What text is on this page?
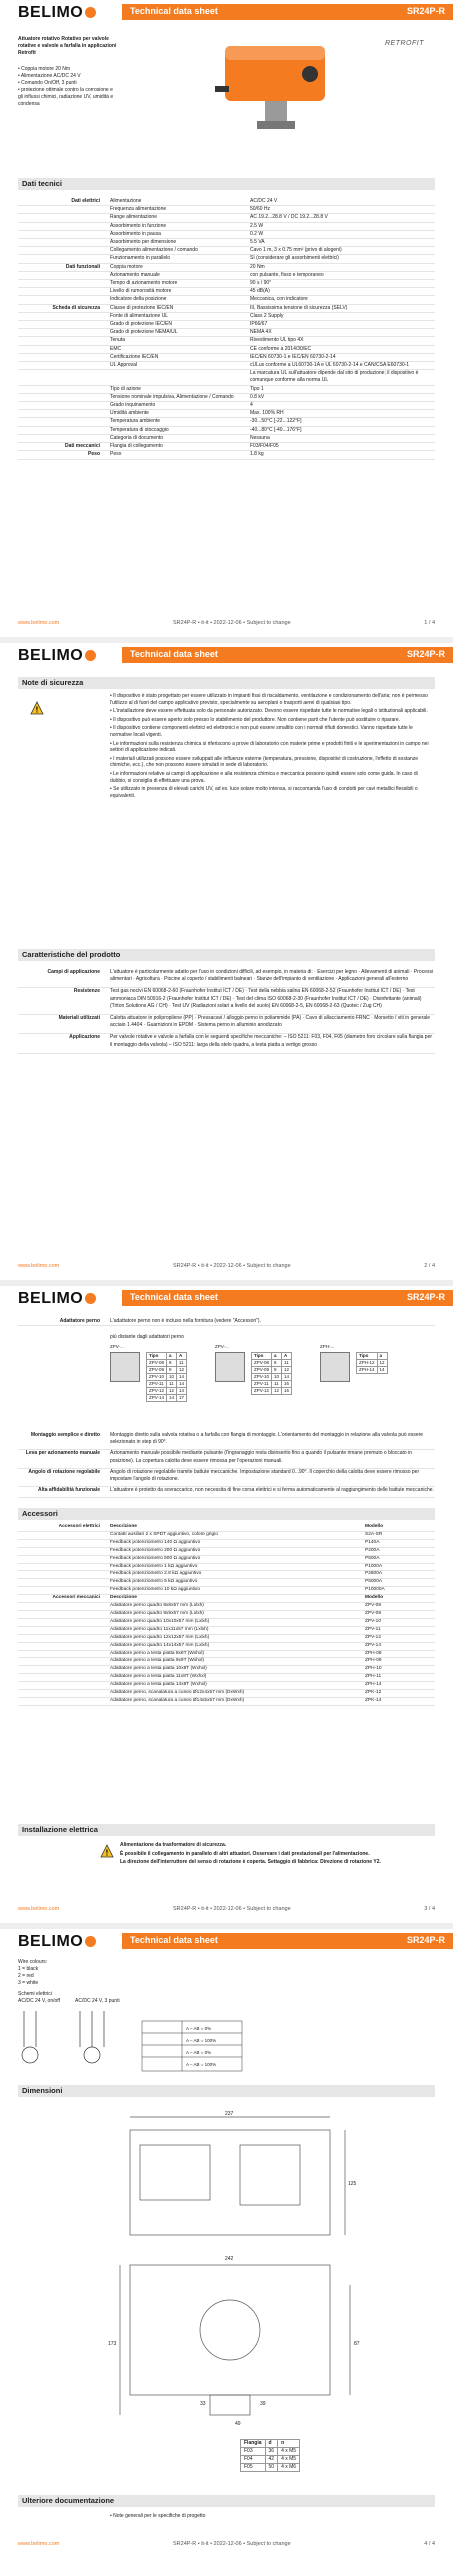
BELIMO	Technical data sheet	SR24P-R
Attuatore rotativo Rotativo per valvole
rotative e valvole a farfalla in applicazioni
Retrofit
• Coppia motore 20 Nm
• Alimentazione AC/DC 24 V
• Comando On/Off, 3 punti
• protezione ottimale contro la corrosione e
gli influssi chimici, radiazione UV, umidità e
condensa
RETROFIT
Dati tecnici
Dati elettrici	Alimentazione	AC/DC 24 V
Frequenza alimentazione	50/60 Hz
Range alimentazione	AC 19.2...28.8 V / DC 19.2...28.8 V
Assorbimento in funzione	2.5 W
Assorbimento in pausa	0.2 W
Assorbimento per dimensione	5.5 VA
Collegamento alimentazione / comando	Cavo 1 m, 3 x 0.75 mm² (privo di alogeni)
Funzionamento in parallelo	Sì (considerare gli assorbimenti elettrici)
Dati funzionali	Coppia motore	20 Nm
Azionamento manuale	con pulsante, fisso e temporaneo
Tempo di azionamento motore	90 s / 90°
Livello di rumorosità motore	45 dB(A)
Indicatore della posizione	Meccanica, con indicatore
Scheda di sicurezza	Classe di protezione IEC/EN	III, Bassissima tensione di sicurezza (SELV)
Fonte di alimentazione UL	Class 2 Supply
Grado di protezione IEC/EN	IP66/67
Grado di protezione NEMA/UL	NEMA 4X
Tenuta	Rivestimento UL tipo 4X
EMC	CE conforme a 2014/30/EC
Certificazione IEC/EN	IEC/EN 60730-1 e IEC/EN 60730-2-14
UL Approval	cULus conforme a UL60730-1A e UL 60730-2-14 e CAN/CSA E60730-1
La marcatura UL sull'attuatore dipende dal sito di produzione; il dispositivo è comunque conforme alla norma UL
Tipo di azione	Tipo 1
Tensione nominale impulsiva, Alimentazione / Comando	0.8 kV
Grado inquinamento	4
Umidità ambiente	Max. 100% RH
Temperatura ambiente	-30...50°C [-22...122°F]
Temperatura di stoccaggio	-40...80°C [-40...176°F]
Categoria di documento	Nessuna
Dati meccanici	Flangia di collegamento	F03/F04/F05
Peso	Peso	1.8 kg
www.belimo.com	SR24P-R • it-it • 2022-12-06 • Subject to change	1 / 4
BELIMO	Technical data sheet	SR24P-R
Note di sicurezza
!
• Il dispositivo è stato progettato per essere utilizzato in impianti fissi di riscaldamento, ventilazione e condizionamento dell'aria; non è permesso l'utilizzo al di fuori del campo applicativo previsto, specialmente su aeroplani o trasporti aerei di qualsiasi tipo.
• L'installazione deve essere effettuata solo da personale autorizzato. Devono essere rispettate tutte le normative legali o istituzionali applicabili.
• Il dispositivo può essere aperto solo presso lo stabilimento del produttore. Non contiene parti che l'utente può sostituire o riparare.
• Il dispositivo contiene componenti elettrici ed elettronici e non può essere smaltito con i normali rifiuti domestici. Vanno rispettate tutte le normative locali vigenti.
• Le informazioni sulla resistenza chimica si riferiscono a prove di laboratorio con materie prime e prodotti finiti e le sperimentazioni in campo nei settori di applicazione indicati.
• I materiali utilizzati possono essere sviluppati alle influenze esterne (temperatura, pressione, dispositivi di costruzione, l'effetto di sostanze chimiche, ecc.), che non possono essere simulati in sede di laboratorio.
• Le informazioni relative ai campi di applicazione e alla resistenza chimica e meccanica possono quindi essere solo come guida. In caso di dubbio, si consiglia di effettuare una prova.
• Se utilizzato in presenza di elevati carichi UV, ad es. luce solare molto intensa, si raccomanda l'uso di condotti per cavi metallici flessibili o equivalenti.
Caratteristiche del prodotto
Campi di applicazione	L'attuatore è particolarmente adatto per l'uso in condizioni difficili, ad esempio, in materia di: · Esercizi per legno · Allevamenti di animali · Processi alimentari · Agricoltura · Piscine al coperto / stabilimenti balneari · Stanze dell'impianto di ventilazione · Applicazioni generali all'esterno
Resistenze	Test gas nocivi EN 60068-2-60 (Fraunhofer Institut ICT / DE) · Test della nebbia salina EN 60068-2-52 (Fraunhofer Institut ICT / DE) · Test ammoniaca DIN 50916-2 (Fraunhofer Institut ICT / DE) · Test del clima ISO 60068-2-30 (Fraunhofer Institut ICT / DE) · Disinfettante (animali) (Triton Solutions AG / CH) · Test UV (Radiazioni solari a livello del suolo) EN 60068-2-5, EN 60068-2-63 (Quotec / Zug CH)
Materiali utilizzati	Calotta attuatore in polipropilene (PP) · Pressacavi / alloggio perno in poliammide (PA) · Cavo di allacciamento FRNC · Morsetto / viti in generale acciaio 1.4404 · Guarnizioni in EPDM · Sistema perno in alluminio anodizzato
Applicazione	Per valvole rotative e valvole a farfalla con le seguenti specifiche meccaniche: – ISO 5211: F03, F04, F05 (diametro foro circolare sulla flangia per il montaggio della valvola) – ISO 5211: larga della stelo quadra, a testa piatta a vertigo grosso
www.belimo.com	SR24P-R • it-it • 2022-12-06 • Subject to change	2 / 4
BELIMO	Technical data sheet	SR24P-R
Adattatore perno	L'adattatore perno non è incluso nella fornitura (vedere "Accessori").
più distante dagli adattatori perno
ZPV-...
Tipo	a	A
ZPV-08	8	11
ZPV-09	9	12
ZPV-10	10	14
ZPV-11	11	14
ZPV-12	12	14
ZPV-14	14	17
ZPV-...
Tipo	a	A
ZPV-08	8	11
ZPV-09	9	12
ZPV-10	10	14
ZPV-11	11	16
ZPV-12	12	16
ZPH-...
Tipo	a
ZPH-12	12
ZPH-14	14
Montaggio semplice e diretto	Montaggio diretto sulla valvola rotativa o a farfalla con flangia di montaggio. L'orientamento del montaggio in relazione alla valvola può essere selezionato in step di 90°.
Leva per azionamento manuale	Azionamento manuale possibile mediante pulsante (l'ingranaggio resta disinserito fino a quando il pulsante rimane premuto o bloccato in posizione). La copertura calotta deve essere rimossa per l'operazioni manuali.
Angolo di rotazione regolabile	Angolo di rotazione regolabile tramite battute meccaniche. Impostazione standard 0...90°. Il coperchio della calotta deve essere rimosso per impostare l'angolo di rotazione.
Alta affidabilità funzionale	L'attuatore è protetto da sovraccarico, non necessita di fine corsa elettrici e si ferma automaticamente al raggiungimento delle battute meccaniche.
Accessori
Accessori elettrici	Descrizione	Modello
Contatti ausiliari 2 x SPDT aggiuntivo, colore grigio	S2A-SR
Feedback potenziometro 140 Ω aggiuntivo	P140A
Feedback potenziometro 200 Ω aggiuntivo	P200A
Feedback potenziometro 500 Ω aggiuntivo	P500A
Feedback potenziometro 1 kΩ aggiuntivo	P1000A
Feedback potenziometro 2.8 kΩ aggiuntivo	P2800A
Feedback potenziometro 5 kΩ aggiuntivo	P5000A
Feedback potenziometro 10 kΩ aggiuntivo	P10000A
Accessori meccanici	Descrizione	Modello
Adattatore perno quadro 8x8x57 mm (Lxlxh)	ZPV-08
Adattatore perno quadro 9x9x57 mm (Lxlxh)	ZPV-09
Adattatore perno quadro 10x10x57 mm (Lxlxh)	ZPV-10
Adattatore perno quadro 11x11x57 mm (Lxlxh)	ZPV-11
Adattatore perno quadro 12x12x57 mm (Lxlxh)	ZPV-12
Adattatore perno quadro 14x14x57 mm (Lxlxh)	ZPV-14
Adattatore perno a testa piatta 8x8T (Wxhxl)	ZPH-08
Adattatore perno a testa piatta 9x9T (Wxhxl)	ZPH-09
Adattatore perno a testa piatta 10x8T (Wxhxl)	ZPH-10
Adattatore perno a testa piatta 11x8T (Wxhxl)	ZPH-11
Adattatore perno a testa piatta 14x8T (Wxhxl)	ZPH-14
Adattatore perno, scanalatura a cuneo Ø12x4x57 mm (DxWxh)	ZPK-12
Adattatore perno, scanalatura a cuneo Ø14x5x57 mm (DxWxh)	ZPK-14
Installazione elettrica
!
Alimentazione da trasformatore di sicurezza.
È possibile il collegamento in parallelo di altri attuatori. Osservare i dati prestazionali per l'alimentazione.
La direzione dell'interruttore del senso di rotazione è coperta. Settaggio di fabbrica: Direzione di rotazione Y2.
www.belimo.com	SR24P-R • it-it • 2022-12-06 • Subject to change	3 / 4
BELIMO	Technical data sheet	SR24P-R
Wire colours:
1 = black
2 = red
3 = white
Schemi elettrici
AC/DC 24 V, on/off	AC/DC 24 V, 3 punti
A – AB = 0%
A – AB = 100%
A – AB = 0%
A – AB = 100%
Dimensioni
237
125
242
173	87
49
39
33
Flangia	d	n
F03	36	4 x M5
F04	42	4 x M5
F05	50	4 x M6
Ulteriore documentazione
• Note generali per le specifiche di progetto
www.belimo.com	SR24P-R • it-it • 2022-12-06 • Subject to change	4 / 4
